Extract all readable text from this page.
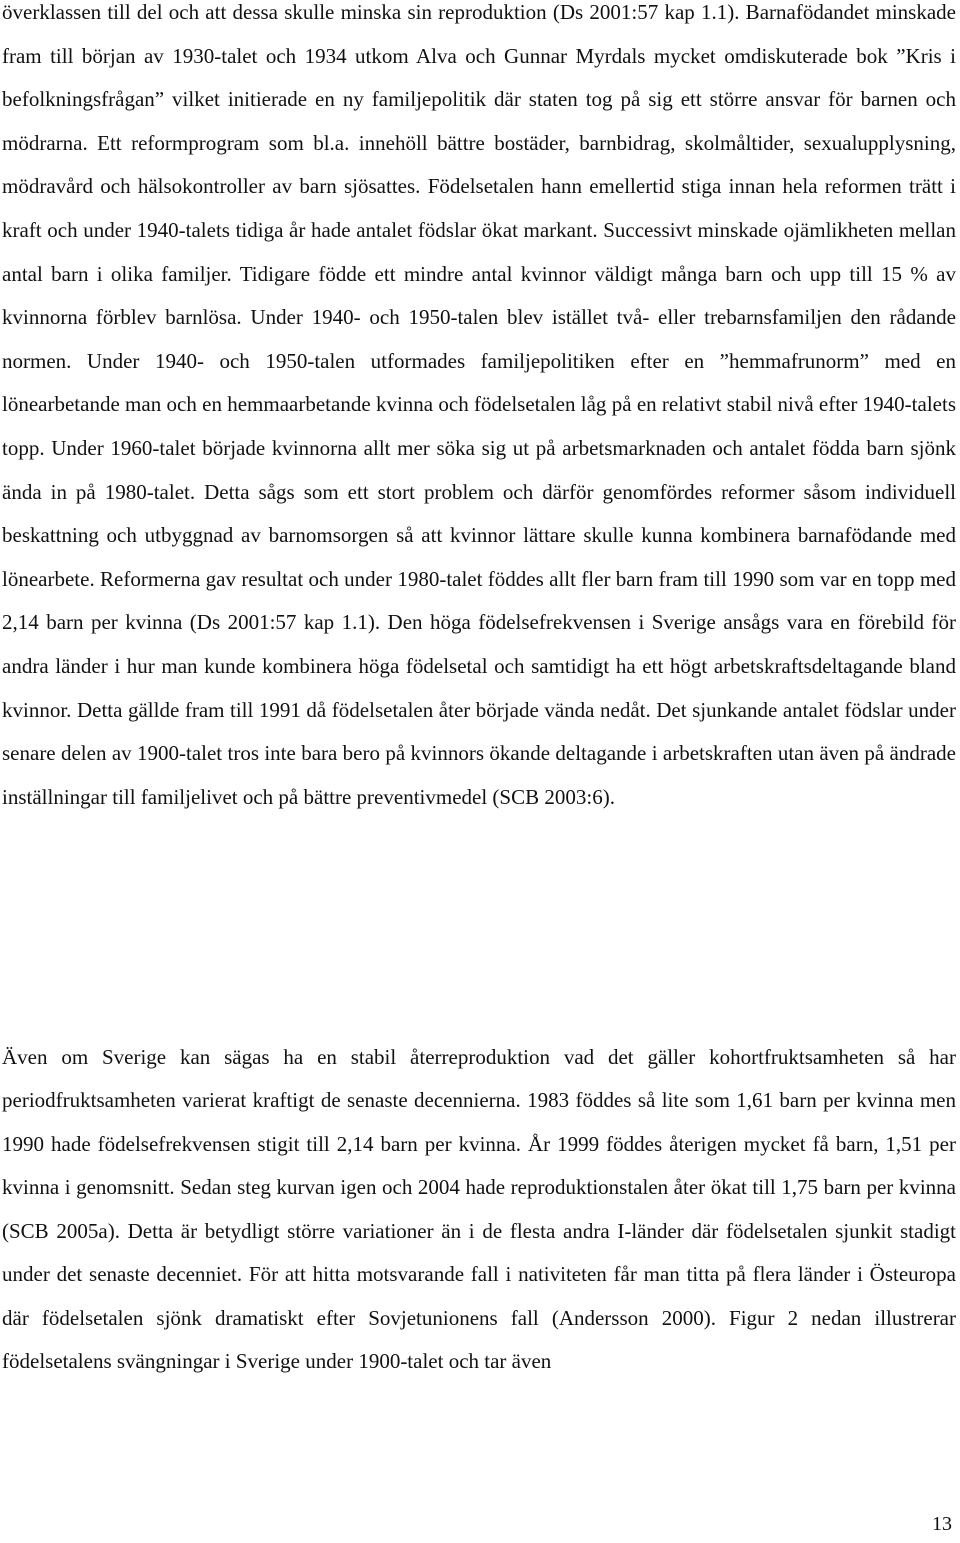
överklassen till del och att dessa skulle minska sin reproduktion (Ds 2001:57 kap 1.1). Barnafödandet minskade fram till början av 1930-talet och 1934 utkom Alva och Gunnar Myrdals mycket omdiskuterade bok ”Kris i befolkningsfrågan” vilket initierade en ny familjepolitik där staten tog på sig ett större ansvar för barnen och mödrarna. Ett reformprogram som bl.a. innehöll bättre bostäder, barnbidrag, skolmåltider, sexualupplysning, mödravård och hälsokontroller av barn sjösattes. Födelsetalen hann emellertid stiga innan hela reformen trätt i kraft och under 1940-talets tidiga år hade antalet födslar ökat markant. Successivt minskade ojämlikheten mellan antal barn i olika familjer. Tidigare födde ett mindre antal kvinnor väldigt många barn och upp till 15 % av kvinnorna förblev barnlösa. Under 1940- och 1950-talen blev istället två- eller trebarnsfamiljen den rådande normen. Under 1940- och 1950-talen utformades familjepolitiken efter en ”hemmafrunorm” med en lönearbetande man och en hemmaarbetande kvinna och födelsetalen låg på en relativt stabil nivå efter 1940-talets topp. Under 1960-talet började kvinnorna allt mer söka sig ut på arbetsmarknaden och antalet födda barn sjönk ända in på 1980-talet. Detta sågs som ett stort problem och därför genomfördes reformer såsom individuell beskattning och utbyggnad av barnomsorgen så att kvinnor lättare skulle kunna kombinera barnafödande med lönearbete. Reformerna gav resultat och under 1980-talet föddes allt fler barn fram till 1990 som var en topp med 2,14 barn per kvinna (Ds 2001:57 kap 1.1). Den höga födelsefrekvensen i Sverige ansågs vara en förebild för andra länder i hur man kunde kombinera höga födelsetal och samtidigt ha ett högt arbetskraftsdeltagande bland kvinnor. Detta gällde fram till 1991 då födelsetalen åter började vända nedåt. Det sjunkande antalet födslar under senare delen av 1900-talet tros inte bara bero på kvinnors ökande deltagande i arbetskraften utan även på ändrade inställningar till familjelivet och på bättre preventivmedel (SCB 2003:6).

Även om Sverige kan sägas ha en stabil återreproduktion vad det gäller kohortfruktsamheten så har periodfruktsamheten varierat kraftigt de senaste decennierna. 1983 föddes så lite som 1,61 barn per kvinna men 1990 hade födelsefrekvensen stigit till 2,14 barn per kvinna. År 1999 föddes återigen mycket få barn, 1,51 per kvinna i genomsnitt. Sedan steg kurvan igen och 2004 hade reproduktionstalen åter ökat till 1,75 barn per kvinna (SCB 2005a). Detta är betydligt större variationer än i de flesta andra I-länder där födelsetalen sjunkit stadigt under det senaste decenniet. För att hitta motsvarande fall i nativiteten får man titta på flera länder i Östeuropa där födelsetalen sjönk dramatiskt efter Sovjetunionens fall (Andersson 2000). Figur 2 nedan illustrerar födelsetalens svängningar i Sverige under 1900-talet och tar även

13
